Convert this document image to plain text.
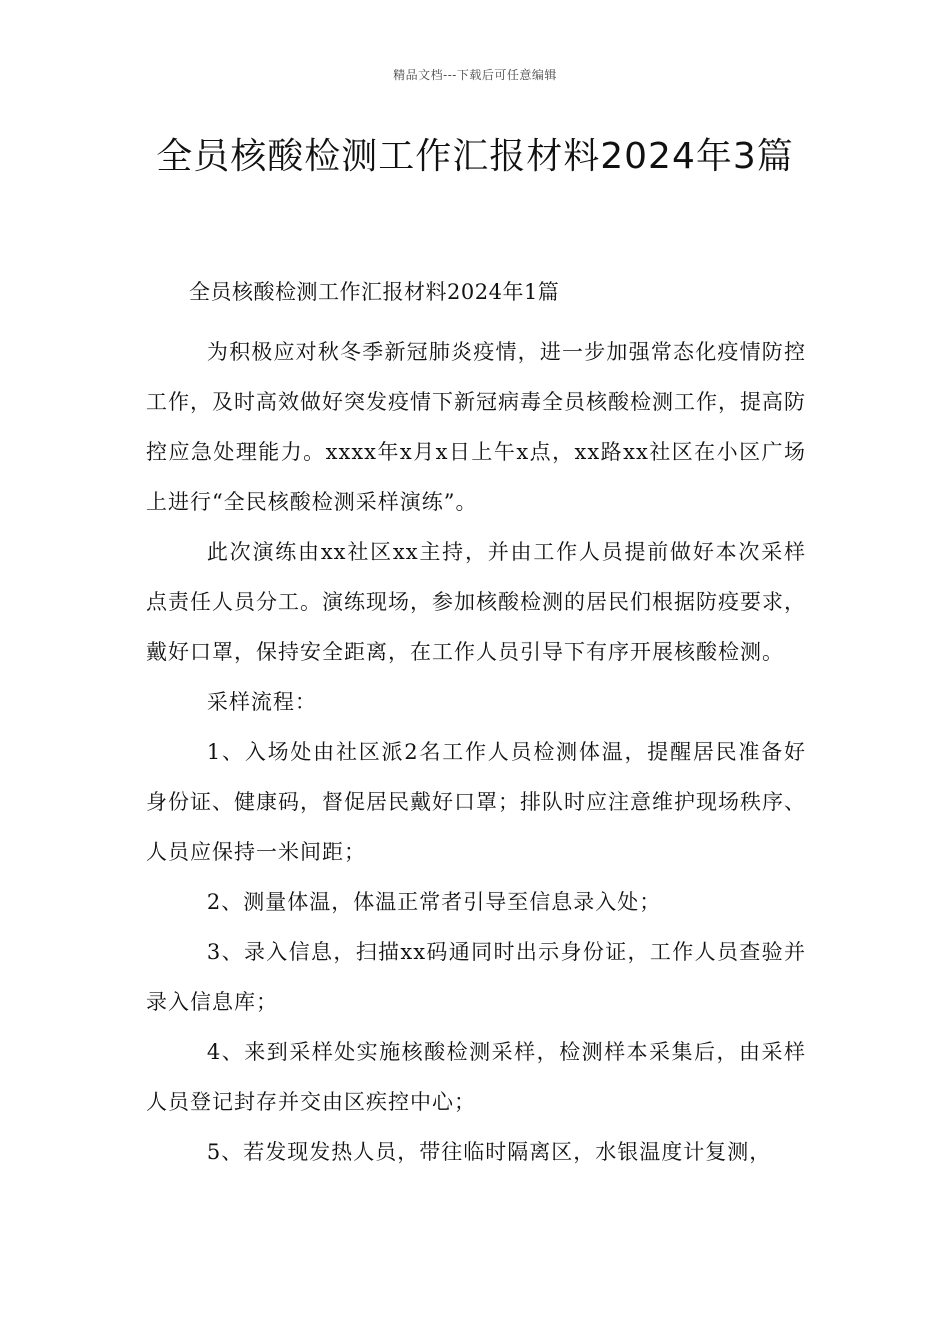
精品文档---下载后可任意编辑
全员核酸检测工作汇报材料2024年3篇
全员核酸检测工作汇报材料2024年1篇

为积极应对秋冬季新冠肺炎疫情，进一步加强常态化疫情防控工作，及时高效做好突发疫情下新冠病毒全员核酸检测工作，提高防控应急处理能力。xxxx年x月x日上午x点，xx路xx社区在小区广场上进行“全民核酸检测采样演练”。

此次演练由xx社区xx主持，并由工作人员提前做好本次采样点责任人员分工。演练现场，参加核酸检测的居民们根据防疫要求，戴好口罩，保持安全距离，在工作人员引导下有序开展核酸检测。

采样流程：

1、入场处由社区派2名工作人员检测体温，提醒居民准备好身份证、健康码，督促居民戴好口罩；排队时应注意维护现场秩序、人员应保持一米间距；

2、测量体温，体温正常者引导至信息录入处；

3、录入信息，扫描xx码通同时出示身份证，工作人员查验并录入信息库；

4、来到采样处实施核酸检测采样，检测样本采集后，由采样人员登记封存并交由区疾控中心；

5、若发现发热人员，带往临时隔离区，水银温度计复测，
